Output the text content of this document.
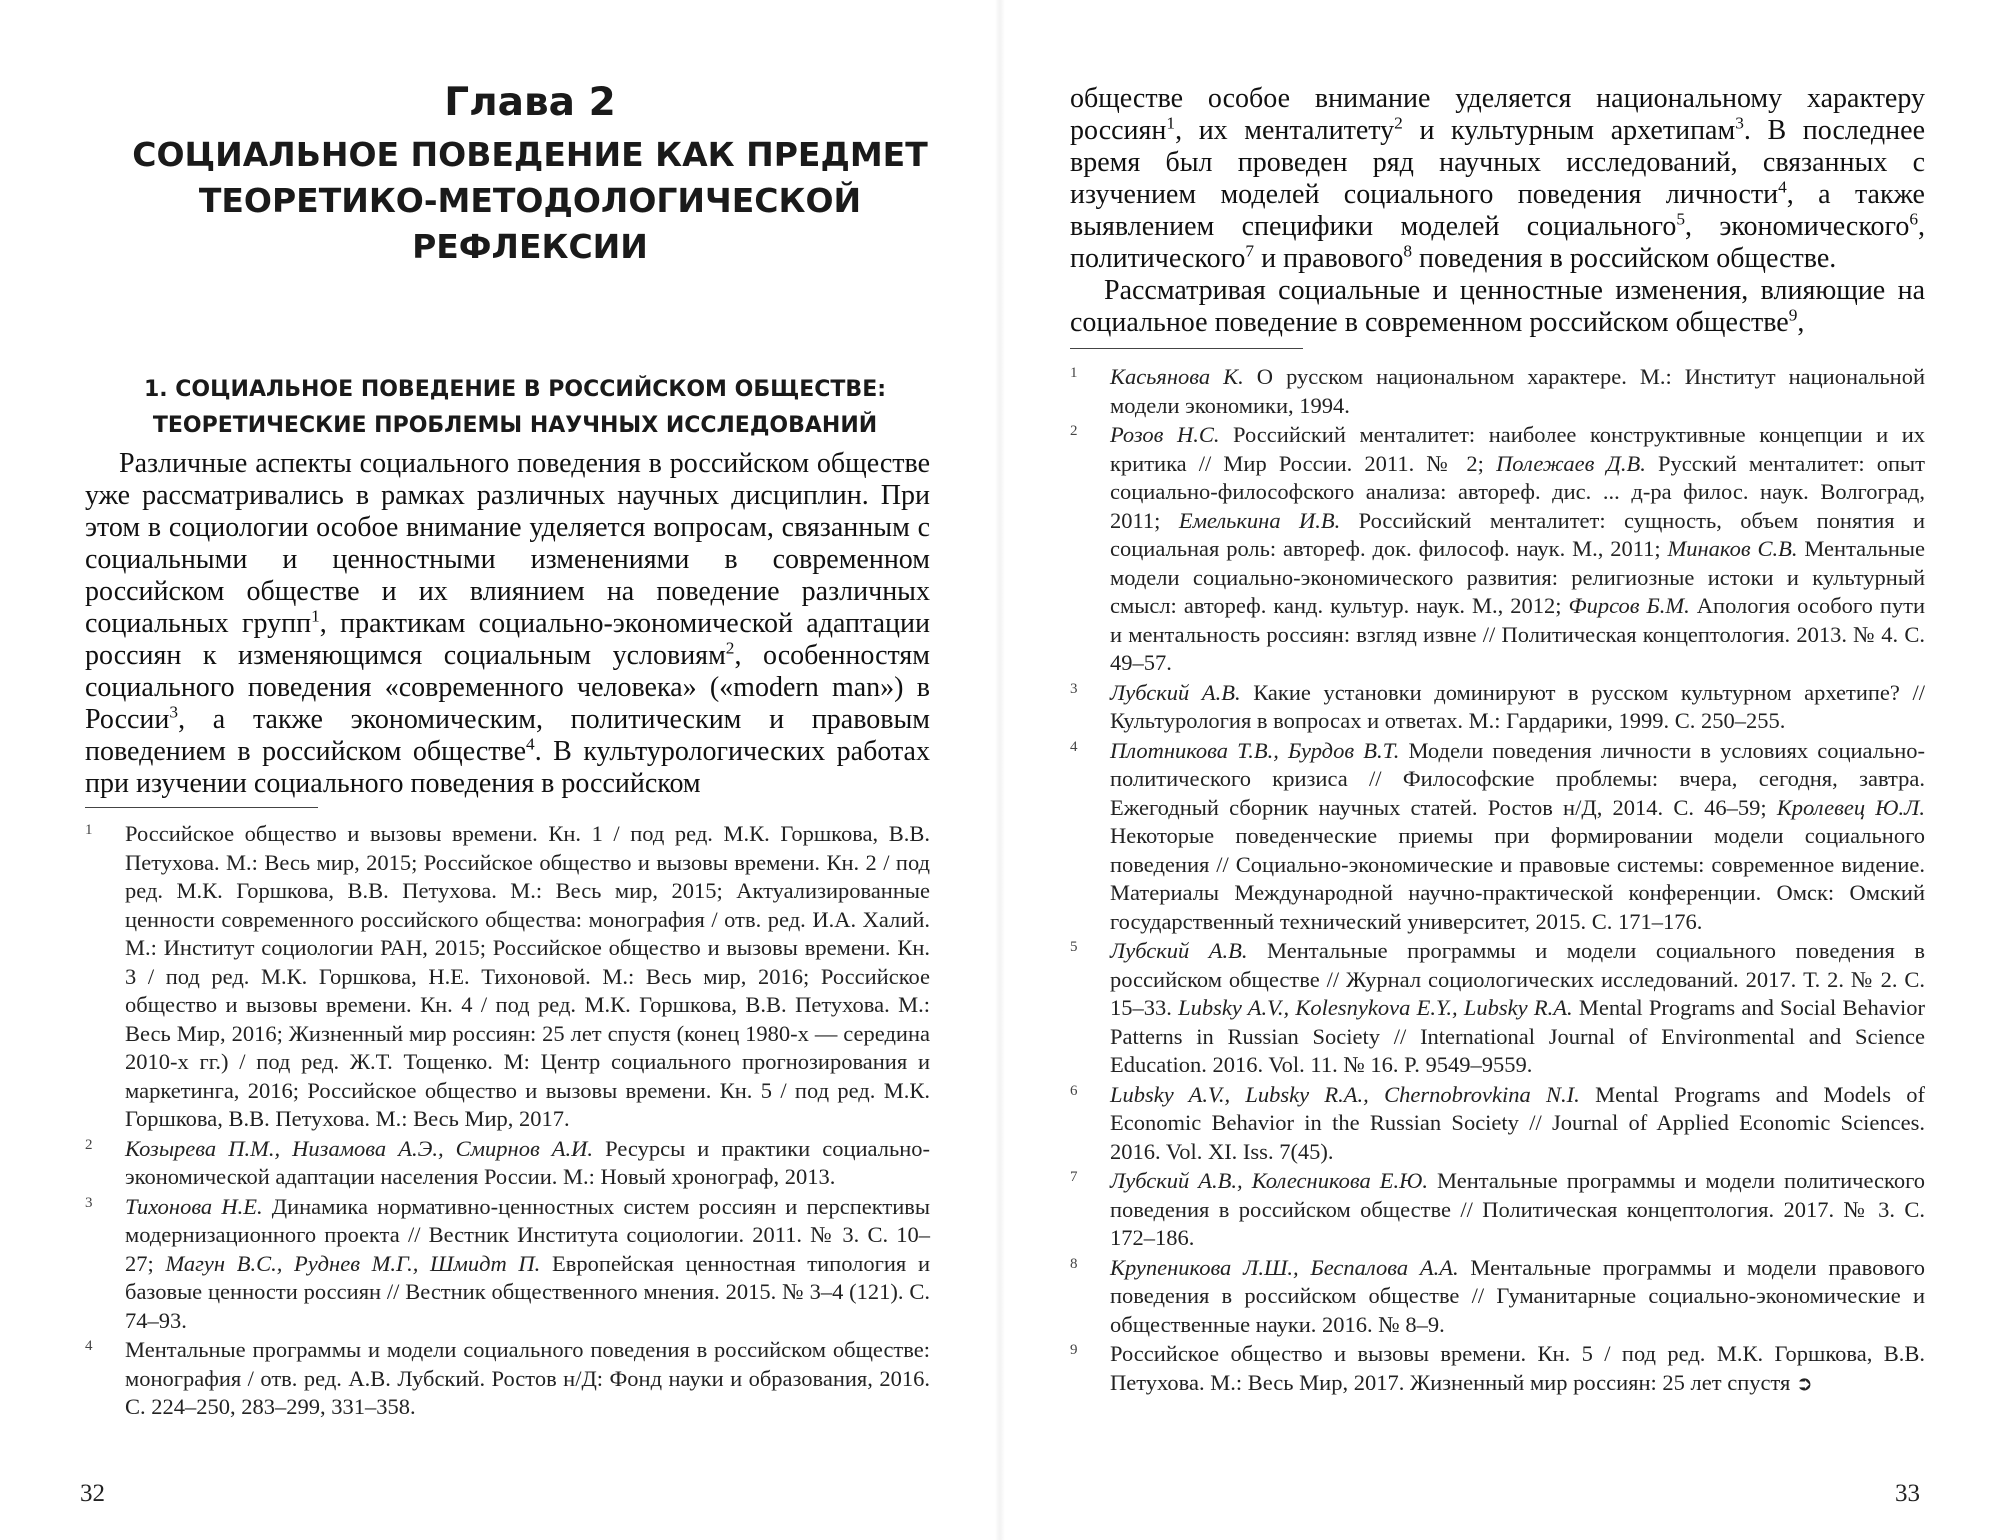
Глава 2
СОЦИАЛЬНОЕ ПОВЕДЕНИЕ КАК ПРЕДМЕТ ТЕОРЕТИКО-МЕТОДОЛОГИЧЕСКОЙ РЕФЛЕКСИИ
1. СОЦИАЛЬНОЕ ПОВЕДЕНИЕ В РОССИЙСКОМ ОБЩЕСТВЕ:
ТЕОРЕТИЧЕСКИЕ ПРОБЛЕМЫ НАУЧНЫХ ИССЛЕДОВАНИЙ

Различные аспекты социального поведения в российском обществе уже рассматривались в рамках различных научных дисциплин. При этом в социологии особое внимание уделяется вопросам, связанным с социальными и ценностными изменениями в современном российском обществе и их влиянием на поведение различных социальных групп$^1$, практикам социально-экономической адаптации россиян к изменяющимся социальным условиям$^2$, особенностям социального поведения «современного человека» («modern man») в России$^3$, а также экономическим, политическим и правовым поведением в российском обществе$^4$. В культурологических работах при изучении социального поведения в российском

1 Российское общество и вызовы времени. Кн. 1 / под ред. М.К. Горшкова, В.В. Петухова. М.: Весь мир, 2015; Российское общество и вызовы времени. Кн. 2 / под ред. М.К. Горшкова, В.В. Петухова. М.: Весь мир, 2015; Актуализированные ценности современного российского общества: монография / отв. ред. И.А. Халий. М.: Институт социологии РАН, 2015; Российское общество и вызовы времени. Кн. 3 / под ред. М.К. Горшкова, Н.Е. Тихоновой. М.: Весь мир, 2016; Российское общество и вызовы времени. Кн. 4 / под ред. М.К. Горшкова, В.В. Петухова. М.: Весь Мир, 2016; Жизненный мир россиян: 25 лет спустя (конец 1980-х — середина 2010-х гг.) / под ред. Ж.Т. Тощенко. М: Центр социального прогнозирования и маркетинга, 2016; Российское общество и вызовы времени. Кн. 5 / под ред. М.К. Горшкова, В.В. Петухова. М.: Весь Мир, 2017.

2 Козырева П.М., Низамова А.Э., Смирнов А.И. Ресурсы и практики социально-экономической адаптации населения России. М.: Новый хронограф, 2013.

3 Тихонова Н.Е. Динамика нормативно-ценностных систем россиян и перспективы модернизационного проекта // Вестник Института социологии. 2011. № 3. С. 10–27; Магун В.С., Руднев М.Г., Шмидт П. Европейская ценностная типология и базовые ценности россиян // Вестник общественного мнения. 2015. № 3–4 (121). С. 74–93.

4 Ментальные программы и модели социального поведения в российском обществе: монография / отв. ред. А.В. Лубский. Ростов н/Д: Фонд науки и образования, 2016. С. 224–250, 283–299, 331–358.

32

обществе особое внимание уделяется национальному характеру россиян$^1$, их менталитету$^2$ и культурным архетипам$^3$. В последнее время был проведен ряд научных исследований, связанных с изучением моделей социального поведения личности$^4$, а также выявлением специфики моделей социального$^5$, экономического$^6$, политического$^7$ и правового$^8$ поведения в российском обществе.

Рассматривая социальные и ценностные изменения, влияющие на социальное поведение в современном российском обществе$^9$,

1 Касьянова К. О русском национальном характере. М.: Институт национальной модели экономики, 1994.

2 Розов Н.С. Российский менталитет: наиболее конструктивные концепции и их критика // Мир России. 2011. № 2; Полежаев Д.В. Русский менталитет: опыт социально-философского анализа: автореф. дис. ... д-ра филос. наук. Волгоград, 2011; Емелькина И.В. Российский менталитет: сущность, объем понятия и социальная роль: автореф. док. философ. наук. М., 2011; Минаков С.В. Ментальные модели социально-экономического развития: религиозные истоки и культурный смысл: автореф. канд. культур. наук. М., 2012; Фирсов Б.М. Апология особого пути и ментальность россиян: взгляд извне // Политическая концептология. 2013. № 4. С. 49–57.

3 Лубский А.В. Какие установки доминируют в русском культурном архетипе? // Культурология в вопросах и ответах. М.: Гардарики, 1999. С. 250–255.

4 Плотникова Т.В., Бурдов В.Т. Модели поведения личности в условиях социально-политического кризиса // Философские проблемы: вчера, сегодня, завтра. Ежегодный сборник научных статей. Ростов н/Д, 2014. С. 46–59; Кролевец Ю.Л. Некоторые поведенческие приемы при формировании модели социального поведения // Социально-экономические и правовые системы: современное видение. Материалы Международной научно-практической конференции. Омск: Омский государственный технический университет, 2015. С. 171–176.

5 Лубский А.В. Ментальные программы и модели социального поведения в российском обществе // Журнал социологических исследований. 2017. Т. 2. № 2. С. 15–33. Lubsky A.V., Kolesnykova E.Y., Lubsky R.A. Mental Programs and Social Behavior Patterns in Russian Society // International Journal of Environmental and Science Education. 2016. Vol. 11. № 16. P. 9549–9559.

6 Lubsky A.V., Lubsky R.A., Chernobrovkina N.I. Mental Programs and Models of Economic Behavior in the Russian Society // Journal of Applied Economic Sciences. 2016. Vol. XI. Iss. 7(45).

7 Лубский А.В., Колесникова Е.Ю. Ментальные программы и модели политического поведения в российском обществе // Политическая концептология. 2017. № 3. С. 172–186.

8 Крупеникова Л.Ш., Беспалова А.А. Ментальные программы и модели правового поведения в российском обществе // Гуманитарные социально-экономические и общественные науки. 2016. № 8–9.

9 Российское общество и вызовы времени. Кн. 5 / под ред. М.К. Горшкова, В.В. Петухова. М.: Весь Мир, 2017. Жизненный мир россиян: 25 лет спустя ➲

33
